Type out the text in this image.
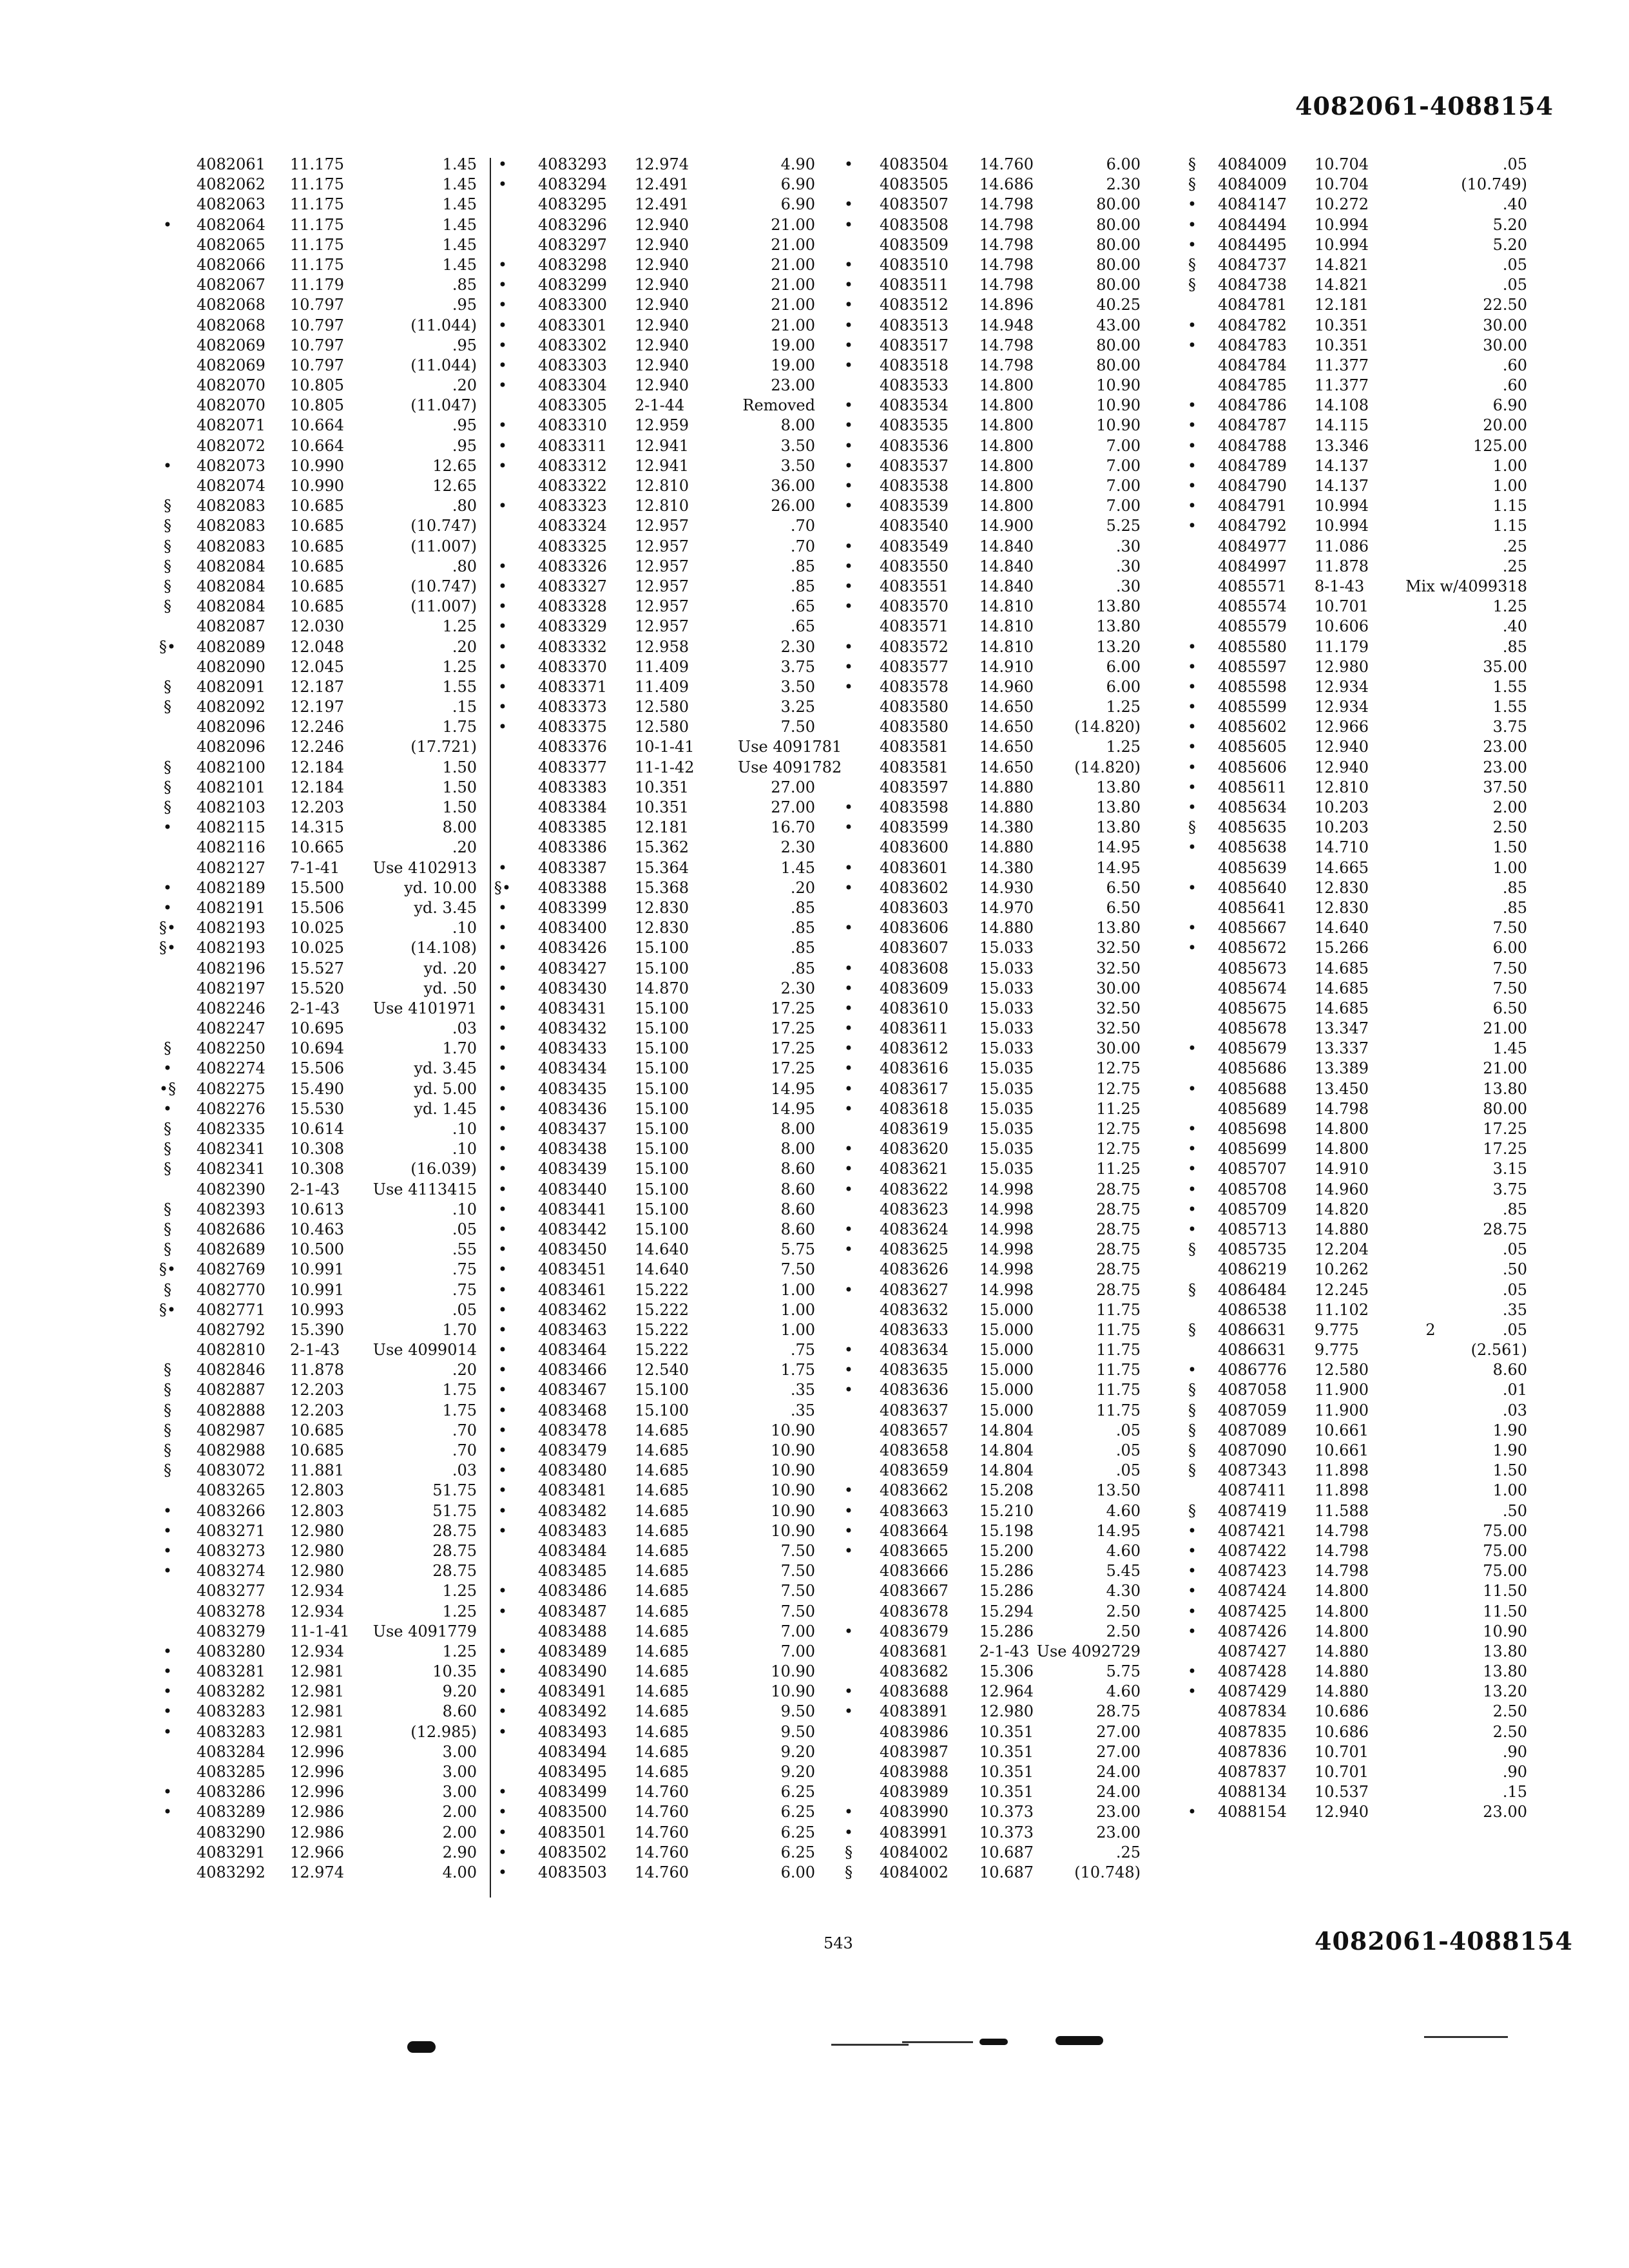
4082061-4088154
4082061 11.175	1.45
4082062 11.175	1.45
4082063 11.175	1.45
•	4082064 11.175	1.45
4082065 11.175	1.45
4082066 11.175	1.45
4082067 11.179	.85
4082068 10.797	.95
4082068 10.797	(11.044)
4082069 10.797	.95
4082069 10.797	(11.044)
4082070 10.805	.20
4082070 10.805	(11.047)
4082071 10.664	.95
4082072 10.664	.95
•	4082073 10.990	12.65
4082074 10.990	12.65
§	4082083 10.685	.80
§	4082083 10.685	(10.747)
§	4082083 10.685	(11.007)
§	4082084 10.685	.80
§	4082084 10.685	(10.747)
§	4082084 10.685	(11.007)
4082087 12.030	1.25
§• 4082089 12.048	.20
4082090 12.045	1.25
§	4082091 12.187	1.55
§	4082092 12.197	.15
4082096 12.246	1.75
4082096 12.246	(17.721)
§	4082100 12.184	1.50
§	4082101 12.184	1.50
§	4082103 12.203	1.50
•	4082115 14.315	8.00
4082116 10.665	.20
4082127 7-1-41	Use 4102913
•	4082189 15.500	yd. 10.00
•	4082191 15.506	yd. 3.45
§• 4082193 10.025	.10
§• 4082193 10.025	(14.108)
4082196 15.527	yd. .20
4082197 15.520	yd. .50
4082246 2-1-43	Use 4101971
4082247 10.695	.03
§	4082250 10.694	1.70
•	4082274 15.506	yd. 3.45
•§ 4082275 15.490	yd. 5.00
•	4082276 15.530	yd. 1.45
§	4082335 10.614	.10
§	4082341 10.308	.10
§	4082341 10.308	(16.039)
4082390 2-1-43	Use 4113415
§	4082393 10.613	.10
§	4082686 10.463	.05
§	4082689 10.500	.55
§• 4082769 10.991	.75
§	4082770 10.991	.75
§• 4082771 10.993	.05
4082792 15.390	1.70
4082810 2-1-43	Use 4099014
§	4082846 11.878	.20
§	4082887 12.203	1.75
§	4082888 12.203	1.75
§	4082987 10.685	.70
§	4082988 10.685	.70
§	4083072 11.881	.03
4083265 12.803	51.75
•	4083266 12.803	51.75
•	4083271 12.980	28.75
•	4083273 12.980	28.75
•	4083274 12.980	28.75
4083277 12.934	1.25
4083278 12.934	1.25
4083279 11-1-41	Use 4091779
•	4083280 12.934	1.25
•	4083281 12.981	10.35
•	4083282 12.981	9.20
•	4083283 12.981	8.60
•	4083283 12.981	(12.985)
4083284 12.996	3.00
4083285 12.996	3.00
•	4083286 12.996	3.00
•	4083289 12.986	2.00
4083290 12.986	2.00
4083291 12.966	2.90
4083292 12.974	4.00
•	4083293 12.974	4.90
•	4083294 12.491	6.90
4083295 12.491	6.90
4083296 12.940	21.00
4083297 12.940	21.00
•	4083298 12.940	21.00
•	4083299 12.940	21.00
•	4083300 12.940	21.00
•	4083301 12.940	21.00
•	4083302 12.940	19.00
•	4083303 12.940	19.00
•	4083304 12.940	23.00
4083305 2-1-44	Removed
•	4083310 12.959	8.00
•	4083311 12.941	3.50
•	4083312 12.941	3.50
4083322 12.810	36.00
•	4083323 12.810	26.00
4083324 12.957	.70
4083325 12.957	.70
•	4083326 12.957	.85
•	4083327 12.957	.85
•	4083328 12.957	.65
•	4083329 12.957	.65
•	4083332 12.958	2.30
•	4083370 11.409	3.75
•	4083371 11.409	3.50
•	4083373 12.580	3.25
•	4083375 12.580	7.50
4083376 10-1-41	Use 4091781
4083377 11-1-42	Use 4091782
4083383 10.351	27.00
4083384 10.351	27.00
4083385 12.181	16.70
4083386 15.362	2.30
•	4083387 15.364	1.45
§• 4083388 15.368	.20
•	4083399 12.830	.85
•	4083400 12.830	.85
•	4083426 15.100	.85
•	4083427 15.100	.85
•	4083430 14.870	2.30
•	4083431 15.100	17.25
•	4083432 15.100	17.25
•	4083433 15.100	17.25
•	4083434 15.100	17.25
•	4083435 15.100	14.95
•	4083436 15.100	14.95
•	4083437 15.100	8.00
•	4083438 15.100	8.00
•	4083439 15.100	8.60
•	4083440 15.100	8.60
•	4083441 15.100	8.60
•	4083442 15.100	8.60
•	4083450 14.640	5.75
•	4083451 14.640	7.50
•	4083461 15.222	1.00
•	4083462 15.222	1.00
•	4083463 15.222	1.00
•	4083464 15.222	.75
•	4083466 12.540	1.75
•	4083467 15.100	.35
•	4083468 15.100	.35
•	4083478 14.685	10.90
•	4083479 14.685	10.90
•	4083480 14.685	10.90
•	4083481 14.685	10.90
•	4083482 14.685	10.90
•	4083483 14.685	10.90
4083484 14.685	7.50
4083485 14.685	7.50
•	4083486 14.685	7.50
•	4083487 14.685	7.50
4083488 14.685	7.00
•	4083489 14.685	7.00
•	4083490 14.685	10.90
•	4083491 14.685	10.90
•	4083492 14.685	9.50
•	4083493 14.685	9.50
4083494 14.685	9.20
4083495 14.685	9.20
•	4083499 14.760	6.25
•	4083500 14.760	6.25
•	4083501 14.760	6.25
•	4083502 14.760	6.25
•	4083503 14.760	6.00
•	4083504 14.760	6.00
4083505 14.686	2.30
•	4083507 14.798	80.00
•	4083508 14.798	80.00
4083509 14.798	80.00
•	4083510 14.798	80.00
•	4083511 14.798	80.00
•	4083512 14.896	40.25
•	4083513 14.948	43.00
•	4083517 14.798	80.00
•	4083518 14.798	80.00
4083533 14.800	10.90
•	4083534 14.800	10.90
•	4083535 14.800	10.90
•	4083536 14.800	7.00
•	4083537 14.800	7.00
•	4083538 14.800	7.00
•	4083539 14.800	7.00
4083540 14.900	5.25
•	4083549 14.840	.30
•	4083550 14.840	.30
•	4083551 14.840	.30
•	4083570 14.810	13.80
4083571 14.810	13.80
•	4083572 14.810	13.20
•	4083577 14.910	6.00
•	4083578 14.960	6.00
4083580 14.650	1.25
4083580 14.650	(14.820)
4083581 14.650	1.25
4083581 14.650	(14.820)
4083597 14.880	13.80
•	4083598 14.880	13.80
•	4083599 14.380	13.80
4083600 14.880	14.95
•	4083601 14.380	14.95
•	4083602 14.930	6.50
4083603 14.970	6.50
•	4083606 14.880	13.80
4083607 15.033	32.50
•	4083608 15.033	32.50
•	4083609 15.033	30.00
•	4083610 15.033	32.50
•	4083611 15.033	32.50
•	4083612 15.033	30.00
•	4083616 15.035	12.75
•	4083617 15.035	12.75
•	4083618 15.035	11.25
4083619 15.035	12.75
•	4083620 15.035	12.75
•	4083621 15.035	11.25
•	4083622 14.998	28.75
4083623 14.998	28.75
•	4083624 14.998	28.75
•	4083625 14.998	28.75
4083626 14.998	28.75
•	4083627 14.998	28.75
4083632 15.000	11.75
4083633 15.000	11.75
•	4083634 15.000	11.75
•	4083635 15.000	11.75
•	4083636 15.000	11.75
4083637 15.000	11.75
4083657 14.804	.05
4083658 14.804	.05
4083659 14.804	.05
•	4083662 15.208	13.50
•	4083663 15.210	4.60
•	4083664 15.198	14.95
•	4083665 15.200	4.60
4083666 15.286	5.45
4083667 15.286	4.30
4083678 15.294	2.50
•	4083679 15.286	2.50
4083681 2-1-43 Use 4092729
4083682 15.306	5.75
•	4083688 12.964	4.60
•	4083891 12.980	28.75
4083986 10.351	27.00
4083987 10.351	27.00
4083988 10.351	24.00
4083989 10.351	24.00
•	4083990 10.373	23.00
•	4083991 10.373	23.00
§	4084002 10.687	.25
§	4084002 10.687	(10.748)
§	4084009 10.704	.05
§	4084009 10.704	(10.749)
•	4084147 10.272	.40
•	4084494 10.994	5.20
•	4084495 10.994	5.20
§	4084737 14.821	.05
§	4084738 14.821	.05
4084781 12.181	22.50
•	4084782 10.351	30.00
•	4084783 10.351	30.00
4084784 11.377	.60
4084785 11.377	.60
•	4084786 14.108	6.90
•	4084787 14.115	20.00
•	4084788 13.346	125.00
•	4084789 14.137	1.00
•	4084790 14.137	1.00
•	4084791 10.994	1.15
•	4084792 10.994	1.15
4084977 11.086	.25
4084997 11.878	.25
4085571 8-1-43	Mix w/4099318
4085574 10.701	1.25
4085579 10.606	.40
•	4085580 11.179	.85
•	4085597 12.980	35.00
•	4085598 12.934	1.55
•	4085599 12.934	1.55
•	4085602 12.966	3.75
•	4085605 12.940	23.00
•	4085606 12.940	23.00
•	4085611 12.810	37.50
•	4085634 10.203	2.00
§	4085635 10.203	2.50
•	4085638 14.710	1.50
4085639 14.665	1.00
•	4085640 12.830	.85
4085641 12.830	.85
•	4085667 14.640	7.50
•	4085672 15.266	6.00
4085673 14.685	7.50
4085674 14.685	7.50
4085675 14.685	6.50
4085678 13.347	21.00
•	4085679 13.337	1.45
4085686 13.389	21.00
•	4085688 13.450	13.80
4085689 14.798	80.00
•	4085698 14.800	17.25
•	4085699 14.800	17.25
•	4085707 14.910	3.15
•	4085708 14.960	3.75
•	4085709 14.820	.85
•	4085713 14.880	28.75
§	4085735 12.204	.05
4086219 10.262	.50
§	4086484 12.245	.05
4086538 11.102	.35
§	4086631 9.775	2	.05
4086631 9.775	(2.561)
•	4086776 12.580	8.60
§	4087058 11.900	.01
§	4087059 11.900	.03
§	4087089 10.661	1.90
§	4087090 10.661	1.90
§	4087343 11.898	1.50
4087411 11.898	1.00
§	4087419 11.588	.50
•	4087421 14.798	75.00
•	4087422 14.798	75.00
•	4087423 14.798	75.00
•	4087424 14.800	11.50
•	4087425 14.800	11.50
•	4087426 14.800	10.90
4087427 14.880	13.80
•	4087428 14.880	13.80
•	4087429 14.880	13.20
4087834 10.686	2.50
4087835 10.686	2.50
4087836 10.701	.90
4087837 10.701	.90
4088134 10.537	.15
•	4088154 12.940	23.00
543	4082061-4088154
